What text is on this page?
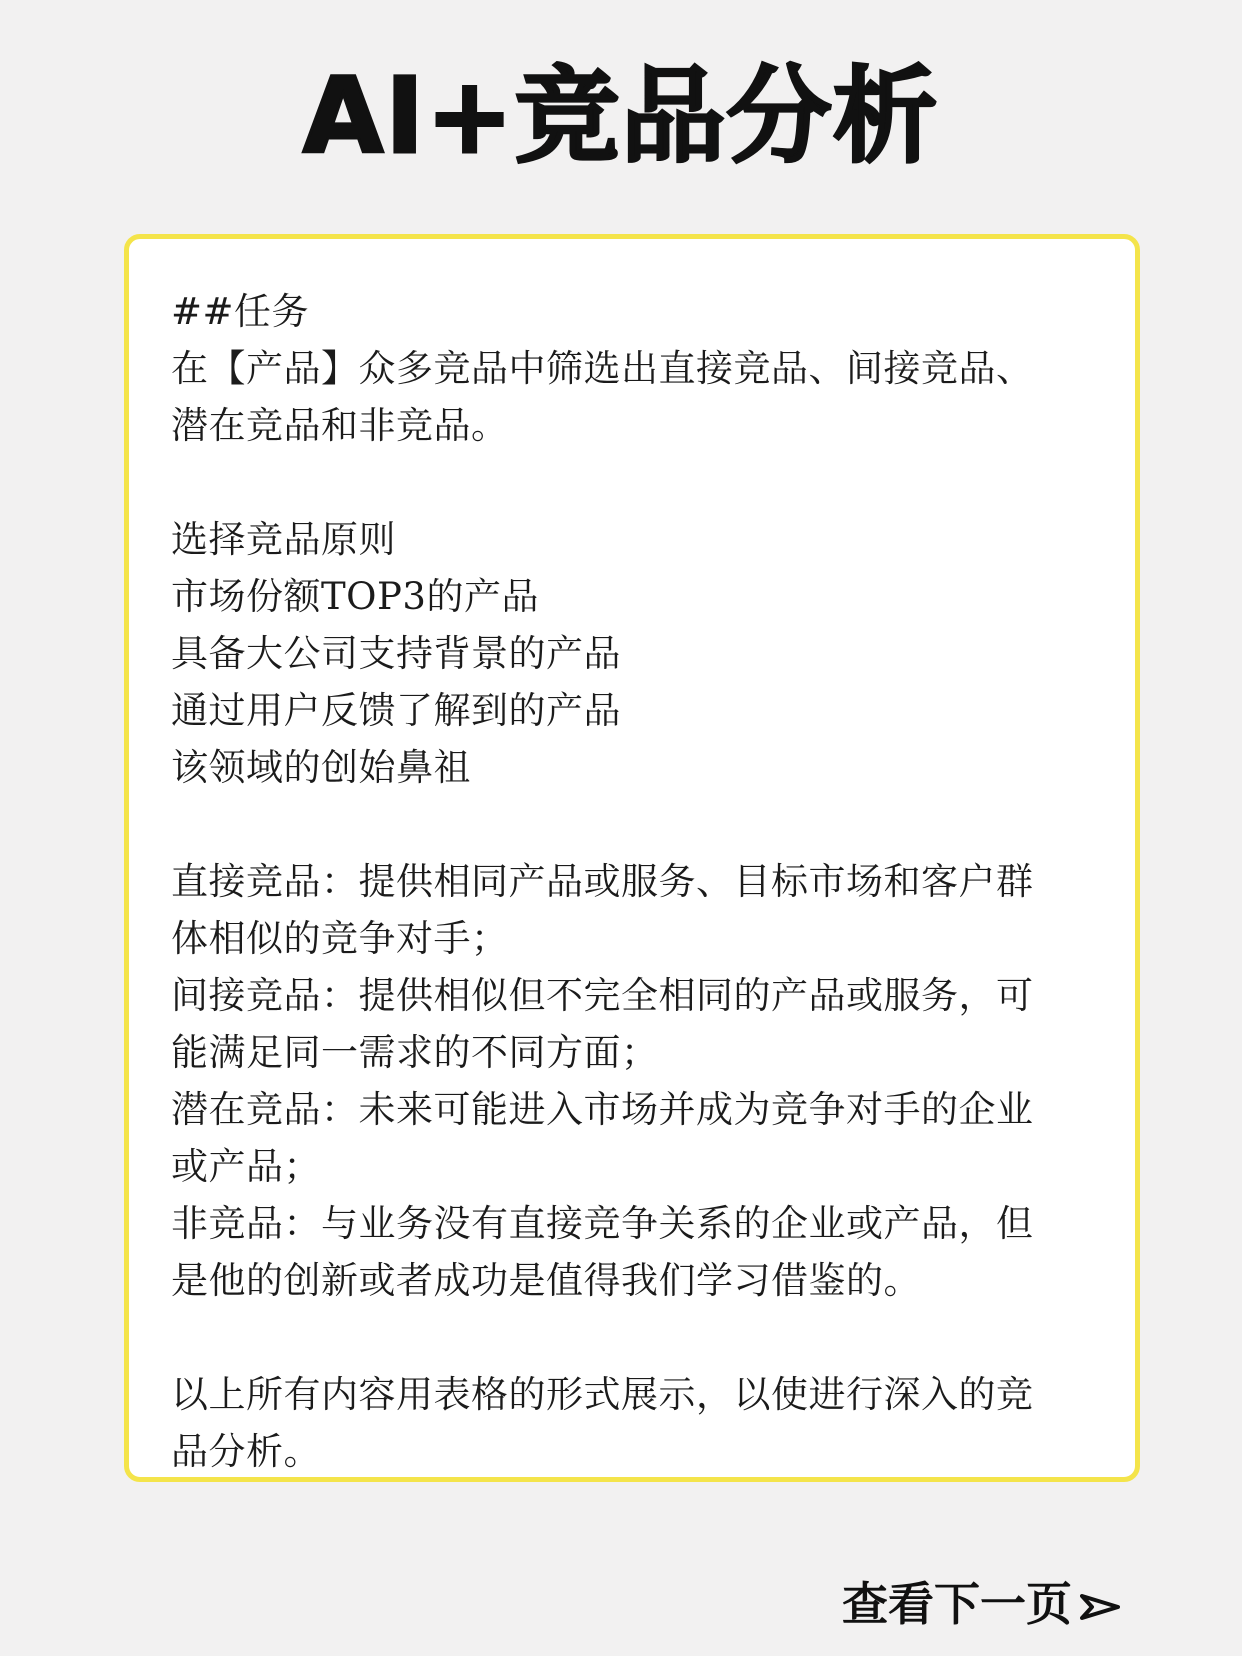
AI+竞品分析
##任务
在【产品】众多竞品中筛选出直接竞品、间接竞品、
潜在竞品和非竞品。
选择竞品原则
市场份额TOP3的产品
具备大公司支持背景的产品
通过用户反馈了解到的产品
该领域的创始鼻祖
直接竞品：提供相同产品或服务、目标市场和客户群
体相似的竞争对手；
间接竞品：提供相似但不完全相同的产品或服务，可
能满足同一需求的不同方面；
潜在竞品：未来可能进入市场并成为竞争对手的企业
或产品；
非竞品：与业务没有直接竞争关系的企业或产品，但
是他的创新或者成功是值得我们学习借鉴的。
以上所有内容用表格的形式展示，以使进行深入的竞
品分析。
查看下一页
